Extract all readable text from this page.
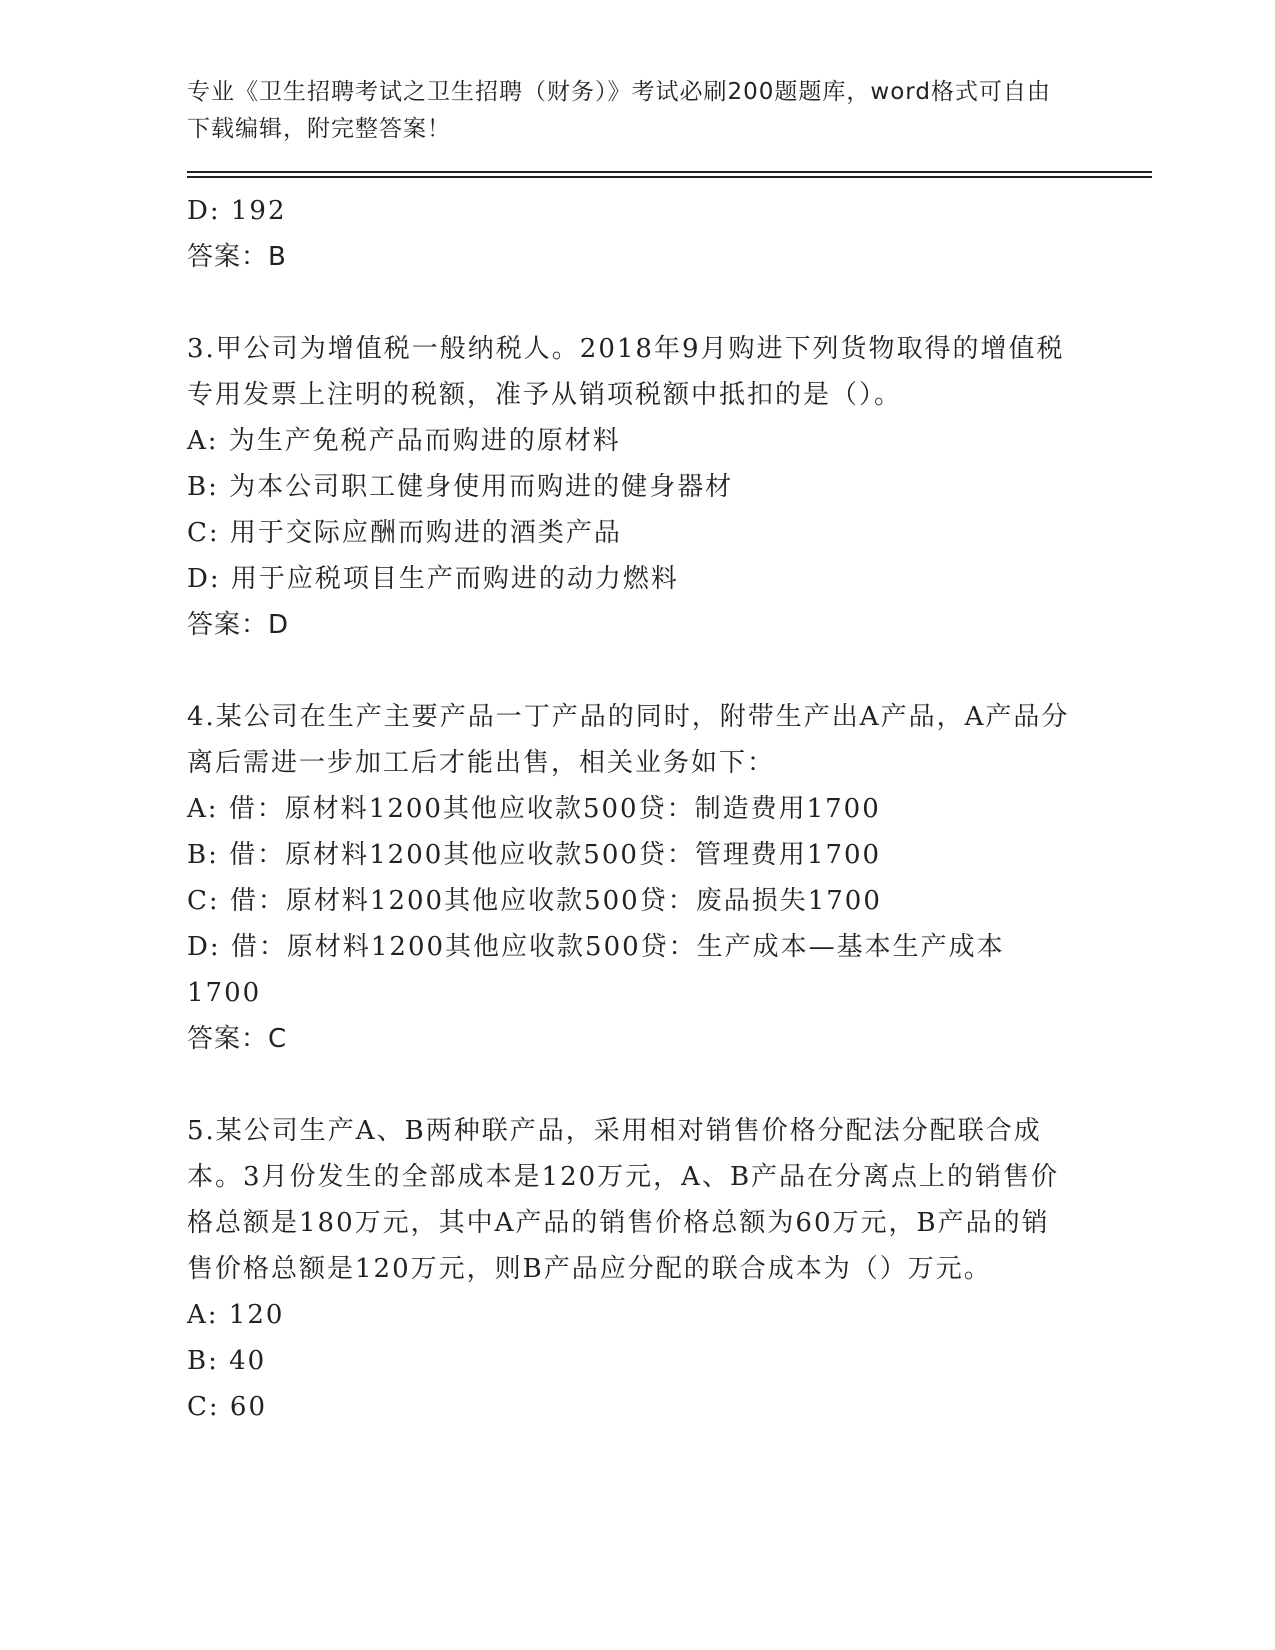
专业《卫生招聘考试之卫生招聘（财务）》考试必刷200题题库，word格式可自由下载编辑，附完整答案！
D: 192
答案：B
3.甲公司为增值税一般纳税人。2018年9月购进下列货物取得的增值税专用发票上注明的税额，准予从销项税额中抵扣的是（）。
A: 为生产免税产品而购进的原材料
B: 为本公司职工健身使用而购进的健身器材
C: 用于交际应酬而购进的酒类产品
D: 用于应税项目生产而购进的动力燃料
答案：D
4.某公司在生产主要产品一丁产品的同时，附带生产出A产品，A产品分离后需进一步加工后才能出售，相关业务如下：
A: 借：原材料1200其他应收款500贷：制造费用1700
B: 借：原材料1200其他应收款500贷：管理费用1700
C: 借：原材料1200其他应收款500贷：废品损失1700
D: 借：原材料1200其他应收款500贷：生产成本—基本生产成本1700
答案：C
5.某公司生产A、B两种联产品，采用相对销售价格分配法分配联合成本。3月份发生的全部成本是120万元，A、B产品在分离点上的销售价格总额是180万元，其中A产品的销售价格总额为60万元，B产品的销售价格总额是120万元，则B产品应分配的联合成本为（）万元。
A: 120
B: 40
C: 60
